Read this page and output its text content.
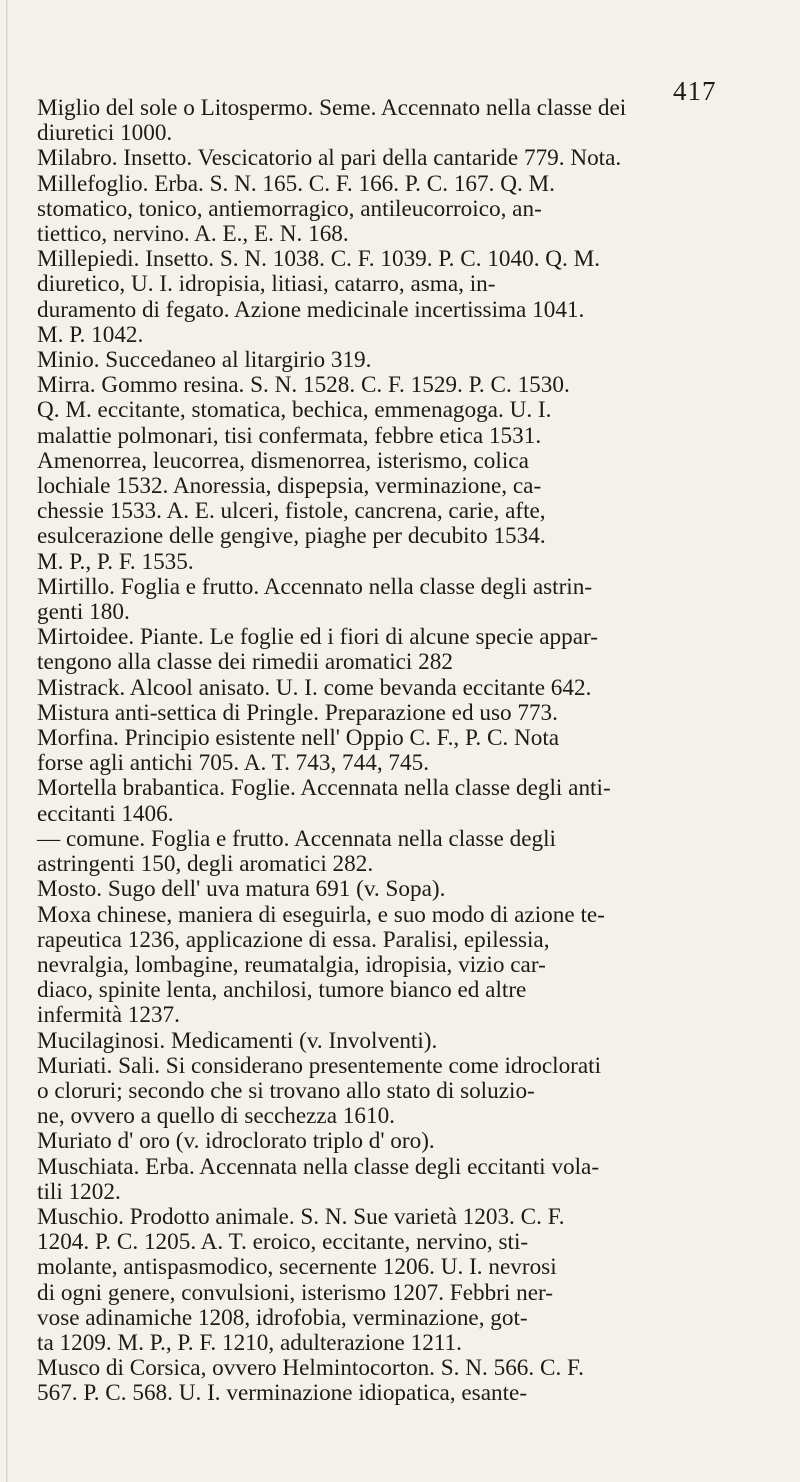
417

Miglio del sole o Litospermo. Seme. Accennato nella classe dei
diuretici 1000.

Milabro. Insetto. Vescicatorio al pari della cantaride 779. Nota.

Millefoglio. Erba. S. N. 165. C. F. 166. P. C. 167. Q. M.
stomatico, tonico, antiemorragico, antileucorroico, an-
tiettico, nervino. A. E., E. N. 168.

Millepiedi. Insetto. S. N. 1038. C. F. 1039. P. C. 1040. Q. M.
diuretico, U. I. idropisia, litiasi, catarro, asma, in-
duramento di fegato. Azione medicinale incertissima 1041.
M. P. 1042.

Minio. Succedaneo al litargirio 319.

Mirra. Gommo resina. S. N. 1528. C. F. 1529. P. C. 1530.
Q. M. eccitante, stomatica, bechica, emmenagoga. U. I.
malattie polmonari, tisi confermata, febbre etica 1531.
Amenorrea, leucorrea, dismenorrea, isterismo, colica
lochiale 1532. Anoressia, dispepsia, verminazione, ca-
chessie 1533. A. E. ulceri, fistole, cancrena, carie, afte,
esulcerazione delle gengive, piaghe per decubito 1534.
M. P., P. F. 1535.

Mirtillo. Foglia e frutto. Accennato nella classe degli astrin-
genti 180.

Mirtoidee. Piante. Le foglie ed i fiori di alcune specie appar-
tengono alla classe dei rimedii aromatici 282

Mistrack. Alcool anisato. U. I. come bevanda eccitante 642.

Mistura anti-settica di Pringle. Preparazione ed uso 773.

Morfina. Principio esistente nell' Oppio C. F., P. C. Nota
forse agli antichi 705. A. T. 743, 744, 745.

Mortella brabantica. Foglie. Accennata nella classe degli anti-
eccitanti 1406.

— comune. Foglia e frutto. Accennata nella classe degli
astringenti 150, degli aromatici 282.

Mosto. Sugo dell' uva matura 691 (v. Sopa).

Moxa chinese, maniera di eseguirla, e suo modo di azione te-
rapeutica 1236, applicazione di essa. Paralisi, epilessia,
nevralgia, lombagine, reumatalgia, idropisia, vizio car-
diaco, spinite lenta, anchilosi, tumore bianco ed altre
infermità 1237.

Mucilaginosi. Medicamenti (v. Involventi).

Muriati. Sali. Si considerano presentemente come idroclorati
o cloruri; secondo che si trovano allo stato di soluzio-
ne, ovvero a quello di secchezza 1610.

Muriato d' oro (v. idroclorato triplo d' oro).

Muschiata. Erba. Accennata nella classe degli eccitanti vola-
tili 1202.

Muschio. Prodotto animale. S. N. Sue varietà 1203. C. F.
1204. P. C. 1205. A. T. eroico, eccitante, nervino, sti-
molante, antispasmodico, secernente 1206. U. I. nevrosi
di ogni genere, convulsioni, isterismo 1207. Febbri ner-
vose adinamiche 1208, idrofobia, verminazione, got-
ta 1209. M. P., P. F. 1210, adulterazione 1211.

Musco di Corsica, ovvero Helmintocorton. S. N. 566. C. F.
567. P. C. 568. U. I. verminazione idiopatica, esante-
